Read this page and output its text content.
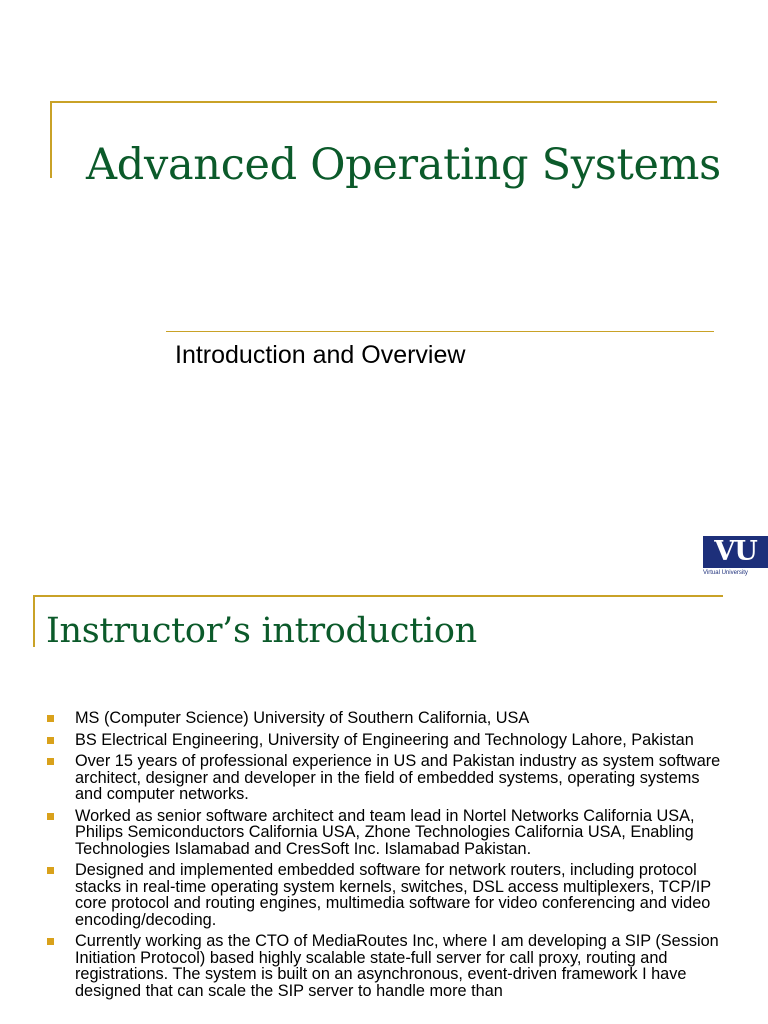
Advanced Operating Systems
Introduction and Overview
VU
Virtual University
Instructor’s introduction
MS (Computer Science) University of Southern California, USA
BS Electrical Engineering, University of Engineering and Technology Lahore, Pakistan
Over 15 years of professional experience in US and Pakistan industry as system software architect, designer and developer in the field of embedded systems, operating systems and computer networks.
Worked as senior software architect and team lead in Nortel Networks California USA, Philips Semiconductors California USA, Zhone Technologies California USA, Enabling Technologies Islamabad and CresSoft Inc. Islamabad Pakistan.
Designed and implemented embedded software for network routers, including protocol stacks in real-time operating system kernels, switches, DSL access multiplexers, TCP/IP core protocol and routing engines, multimedia software for video conferencing and video encoding/decoding.
Currently working as the CTO of MediaRoutes Inc, where I am developing a SIP (Session Initiation Protocol) based highly scalable state-full server for call proxy, routing and registrations. The system is built on an asynchronous, event-driven framework I have designed that can scale the SIP server to handle more than
